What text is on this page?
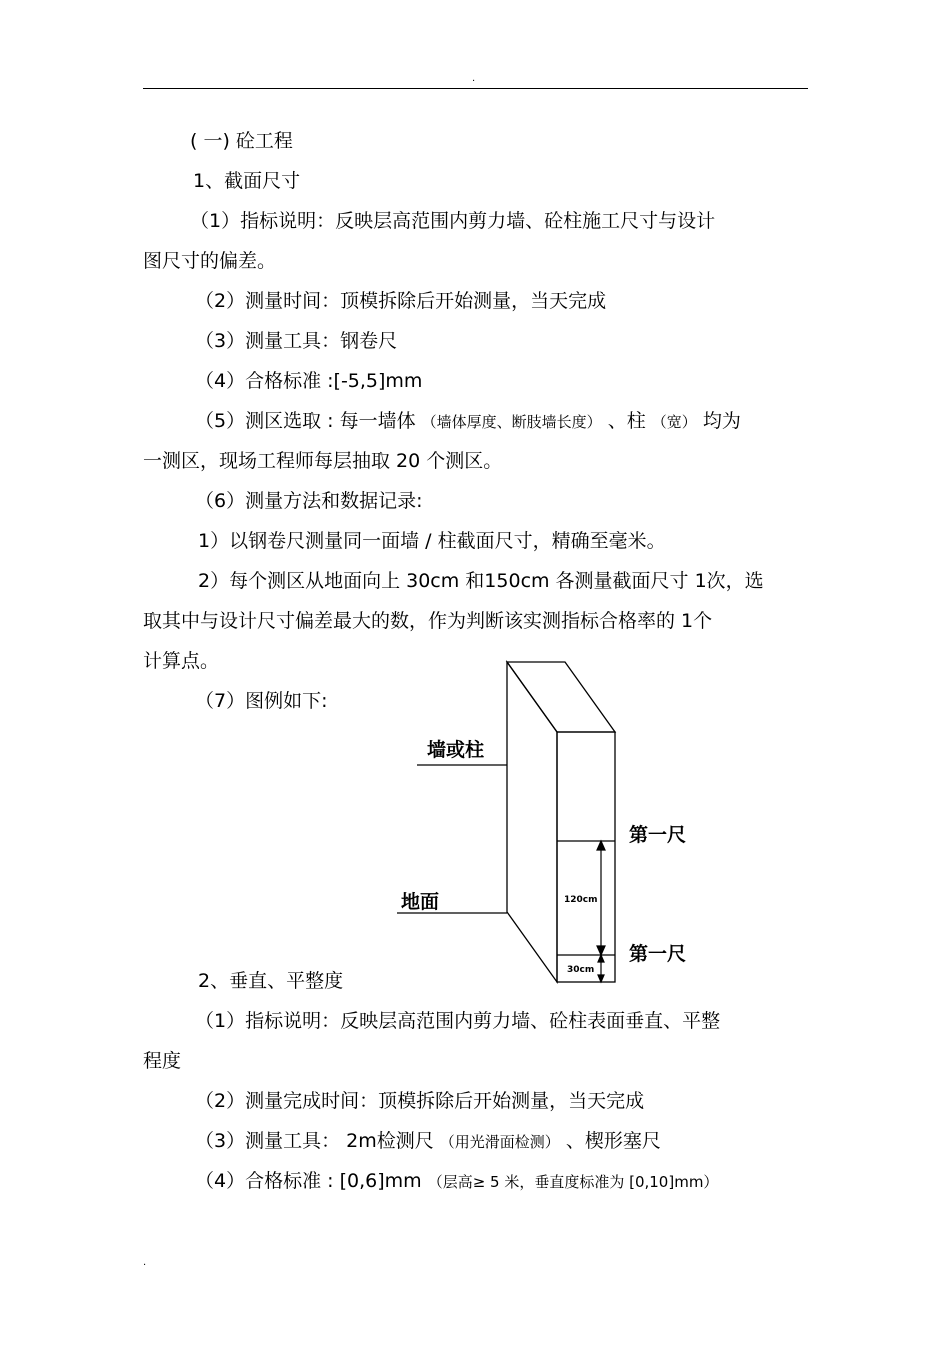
.
( 一) 砼工程
1、截面尺寸
（1）指标说明：反映层高范围内剪力墙、砼柱施工尺寸与设计
图尺寸的偏差。
（2）测量时间：顶模拆除后开始测量，当天完成
（3）测量工具：钢卷尺
（4）合格标准 :[-5,5]mm
（5）测区选取 : 每一墙体 （墙体厚度、断肢墙长度） 、柱 （宽） 均为
一测区，现场工程师每层抽取 20 个测区。
（6）测量方法和数据记录:
1）以钢卷尺测量同一面墙 / 柱截面尺寸，精确至毫米。
2）每个测区从地面向上 30cm 和150cm 各测量截面尺寸 1次，选
取其中与设计尺寸偏差最大的数，作为判断该实测指标合格率的 1个
计算点。
（7）图例如下:
墙或柱
地面
第一尺
第一尺
120cm
30cm
2、垂直、平整度
（1）指标说明：反映层高范围内剪力墙、砼柱表面垂直、平整
程度
（2）测量完成时间：顶模拆除后开始测量，当天完成
（3）测量工具： 2m检测尺 （用光滑面检测） 、楔形塞尺
（4）合格标准 : [0,6]mm （层高≥ 5 米，垂直度标准为 [0,10]mm）
.
